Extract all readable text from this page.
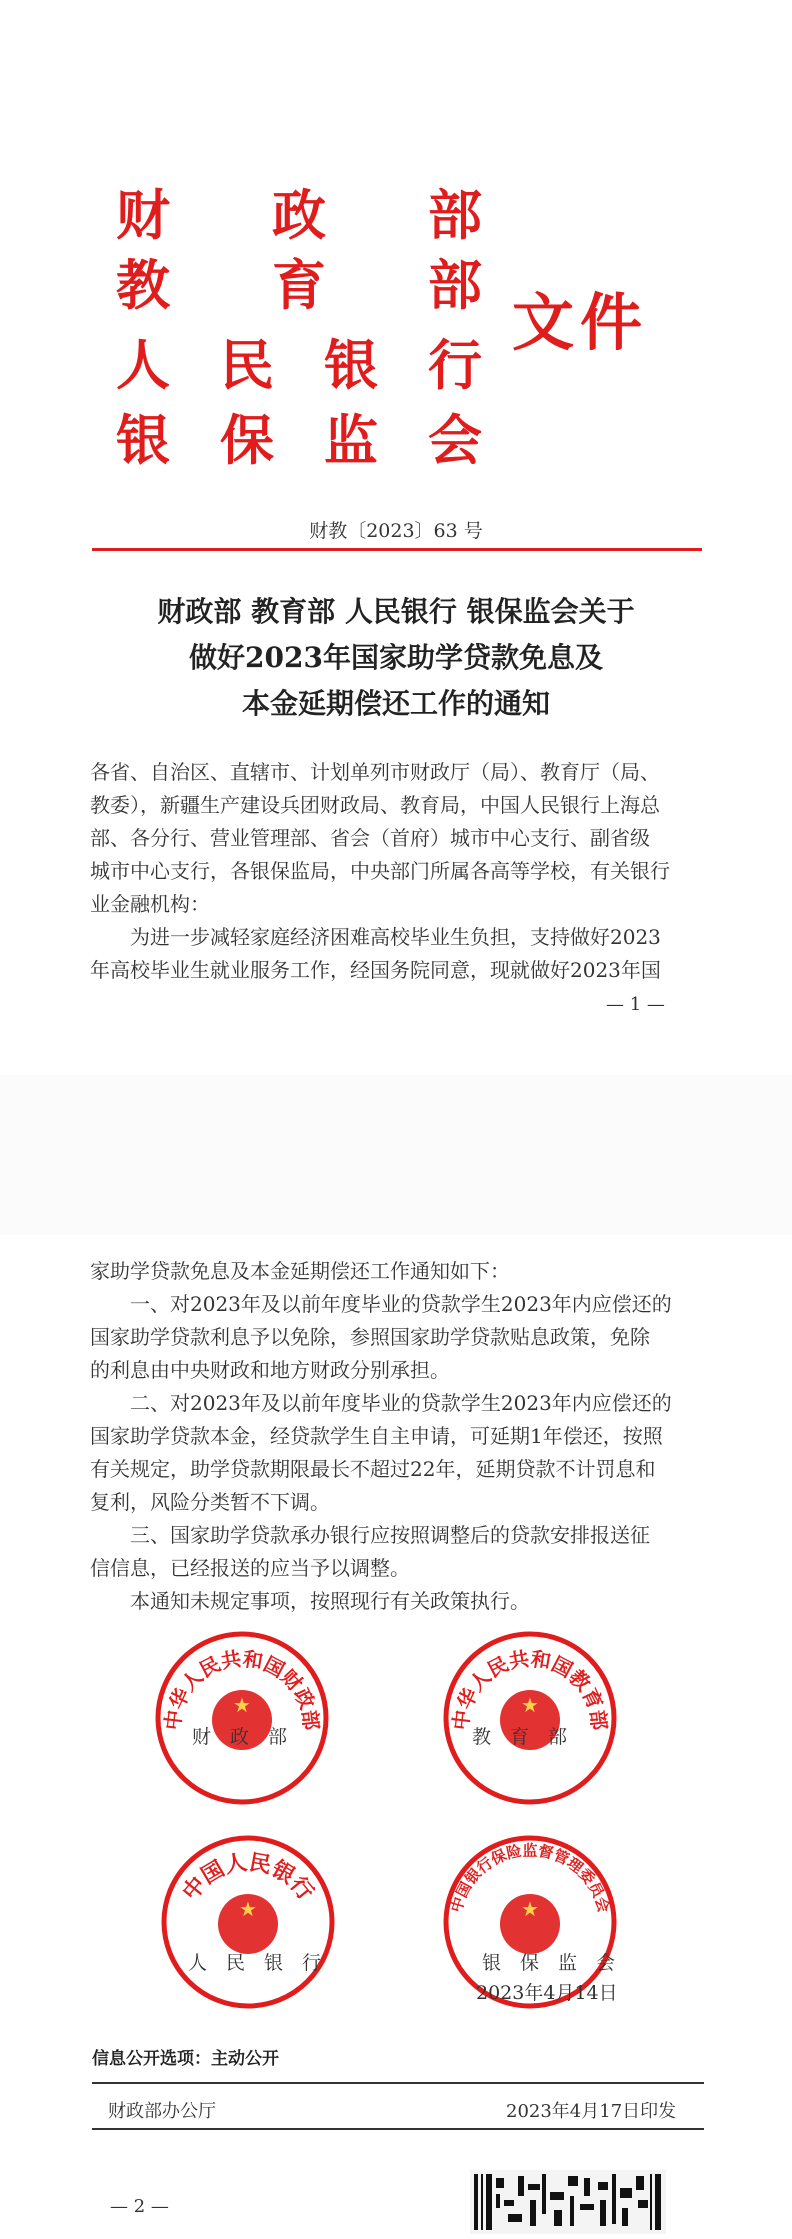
财 政 部
教 育 部
人 民 银 行
银 保 监 会
文件
财教〔2023〕63 号
财政部 教育部 人民银行 银保监会关于
做好2023年国家助学贷款免息及
本金延期偿还工作的通知
各省、自治区、直辖市、计划单列市财政厅（局）、教育厅（局、
教委），新疆生产建设兵团财政局、教育局，中国人民银行上海总
部、各分行、营业管理部、省会（首府）城市中心支行、副省级
城市中心支行，各银保监局，中央部门所属各高等学校，有关银行
业金融机构：
　　为进一步减轻家庭经济困难高校毕业生负担，支持做好2023
年高校毕业生就业服务工作，经国务院同意，现就做好2023年国
— 1 —
家助学贷款免息及本金延期偿还工作通知如下：
　　一、对2023年及以前年度毕业的贷款学生2023年内应偿还的
国家助学贷款利息予以免除，参照国家助学贷款贴息政策，免除
的利息由中央财政和地方财政分别承担。
　　二、对2023年及以前年度毕业的贷款学生2023年内应偿还的
国家助学贷款本金，经贷款学生自主申请，可延期1年偿还，按照
有关规定，助学贷款期限最长不超过22年，延期贷款不计罚息和
复利，风险分类暂不下调。
　　三、国家助学贷款承办银行应按照调整后的贷款安排报送征
信信息，已经报送的应当予以调整。
　　本通知未规定事项，按照现行有关政策执行。
中华人民共和国财政部
★
财　政　部
中华人民共和国教育部
★
教　育　部
中国人民银行
★
人　民　银　行
中国银行保险监督管理委员会
★
银　保　监　会
2023年4月14日
信息公开选项：主动公开
财政部办公厅	2023年4月17日印发
— 2 —
